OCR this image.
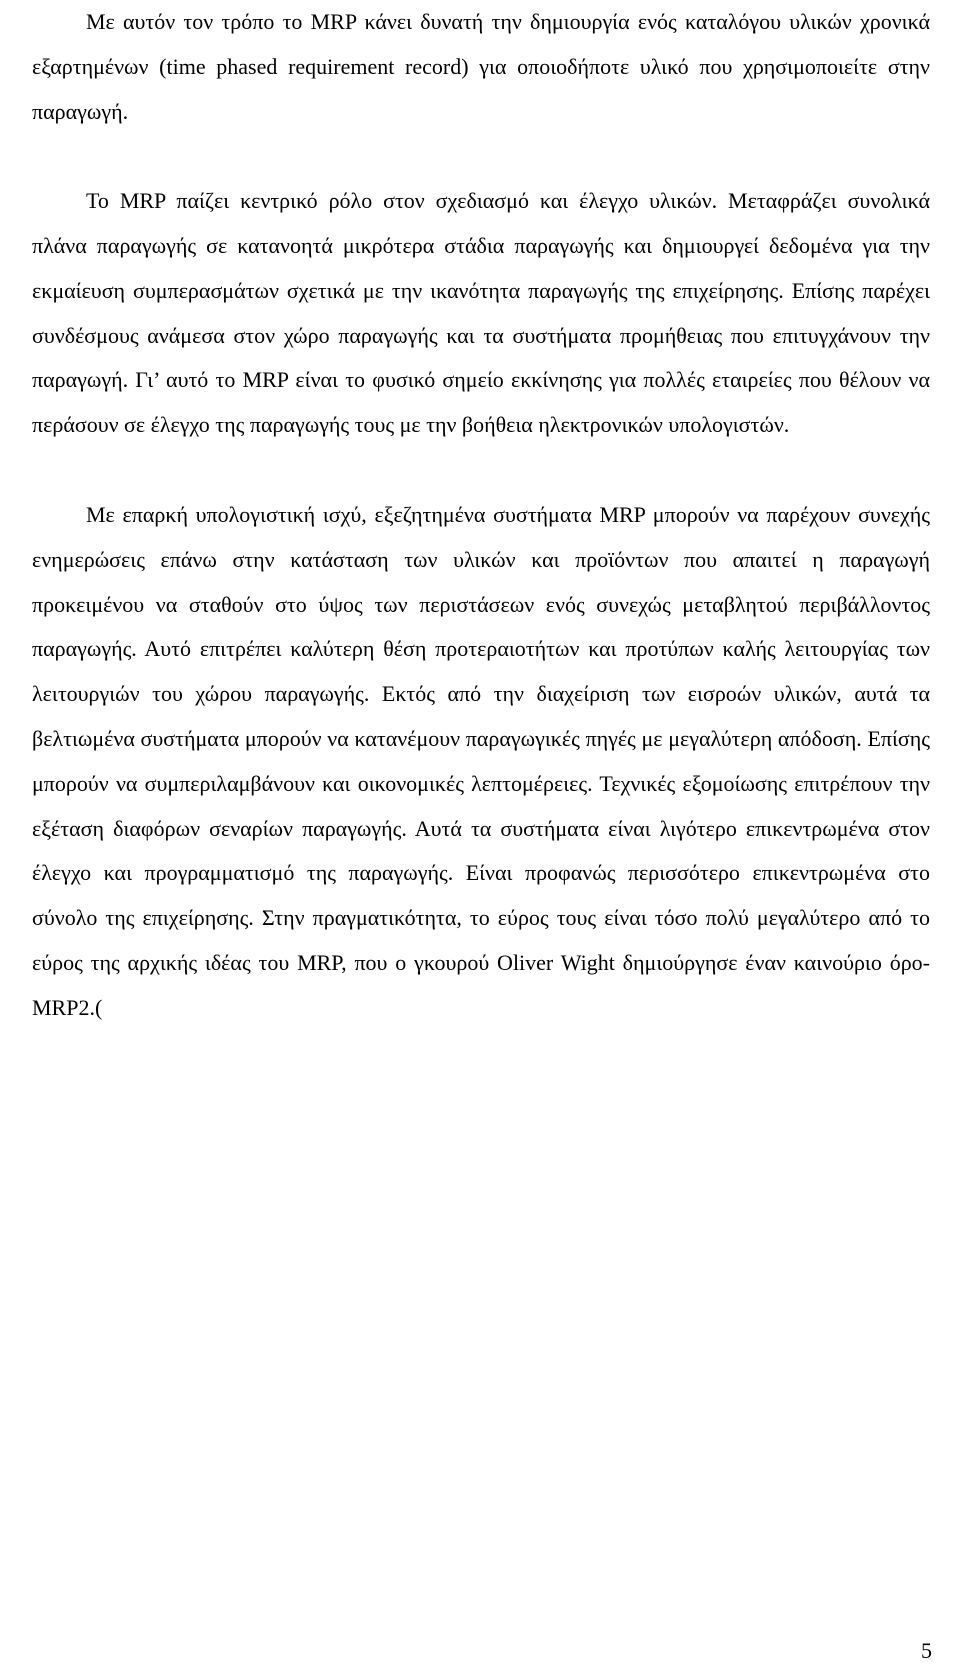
Με αυτόν τον τρόπο το MRP κάνει δυνατή την δημιουργία ενός καταλόγου υλικών χρονικά εξαρτημένων (time phased requirement record) για οποιοδήποτε υλικό που χρησιμοποιείτε στην παραγωγή.

Το MRP παίζει κεντρικό ρόλο στον σχεδιασμό και έλεγχο υλικών. Μεταφράζει συνολικά πλάνα παραγωγής σε κατανοητά μικρότερα στάδια παραγωγής και δημιουργεί δεδομένα για την εκμαίευση συμπερασμάτων σχετικά με την ικανότητα παραγωγής της επιχείρησης. Επίσης παρέχει συνδέσμους ανάμεσα στον χώρο παραγωγής και τα συστήματα προμήθειας που επιτυγχάνουν την παραγωγή. Γι’ αυτό το MRP είναι το φυσικό σημείο εκκίνησης για πολλές εταιρείες που θέλουν να περάσουν σε έλεγχο της παραγωγής τους με την βοήθεια ηλεκτρονικών υπολογιστών.

Με επαρκή υπολογιστική ισχύ, εξεζητημένα συστήματα MRP μπορούν να παρέχουν συνεχής ενημερώσεις επάνω στην κατάσταση των υλικών και προϊόντων που απαιτεί η παραγωγή προκειμένου να σταθούν στο ύψος των περιστάσεων ενός συνεχώς μεταβλητού περιβάλλοντος παραγωγής. Αυτό επιτρέπει καλύτερη θέση προτεραιοτήτων και προτύπων καλής λειτουργίας των λειτουργιών του χώρου παραγωγής. Εκτός από την διαχείριση των εισροών υλικών, αυτά τα βελτιωμένα συστήματα μπορούν να κατανέμουν παραγωγικές πηγές με μεγαλύτερη απόδοση. Επίσης μπορούν να συμπεριλαμβάνουν και οικονομικές λεπτομέρειες. Τεχνικές εξομοίωσης επιτρέπουν την εξέταση διαφόρων σεναρίων παραγωγής. Αυτά τα συστήματα είναι λιγότερο επικεντρωμένα στον έλεγχο και προγραμματισμό της παραγωγής. Είναι προφανώς περισσότερο επικεντρωμένα στο σύνολο της επιχείρησης. Στην πραγματικότητα, το εύρος τους είναι τόσο πολύ μεγαλύτερο από το εύρος της αρχικής ιδέας του MRP, που ο γκουρού Oliver Wight δημιούργησε έναν καινούριο όρο- MRP2.(

5
